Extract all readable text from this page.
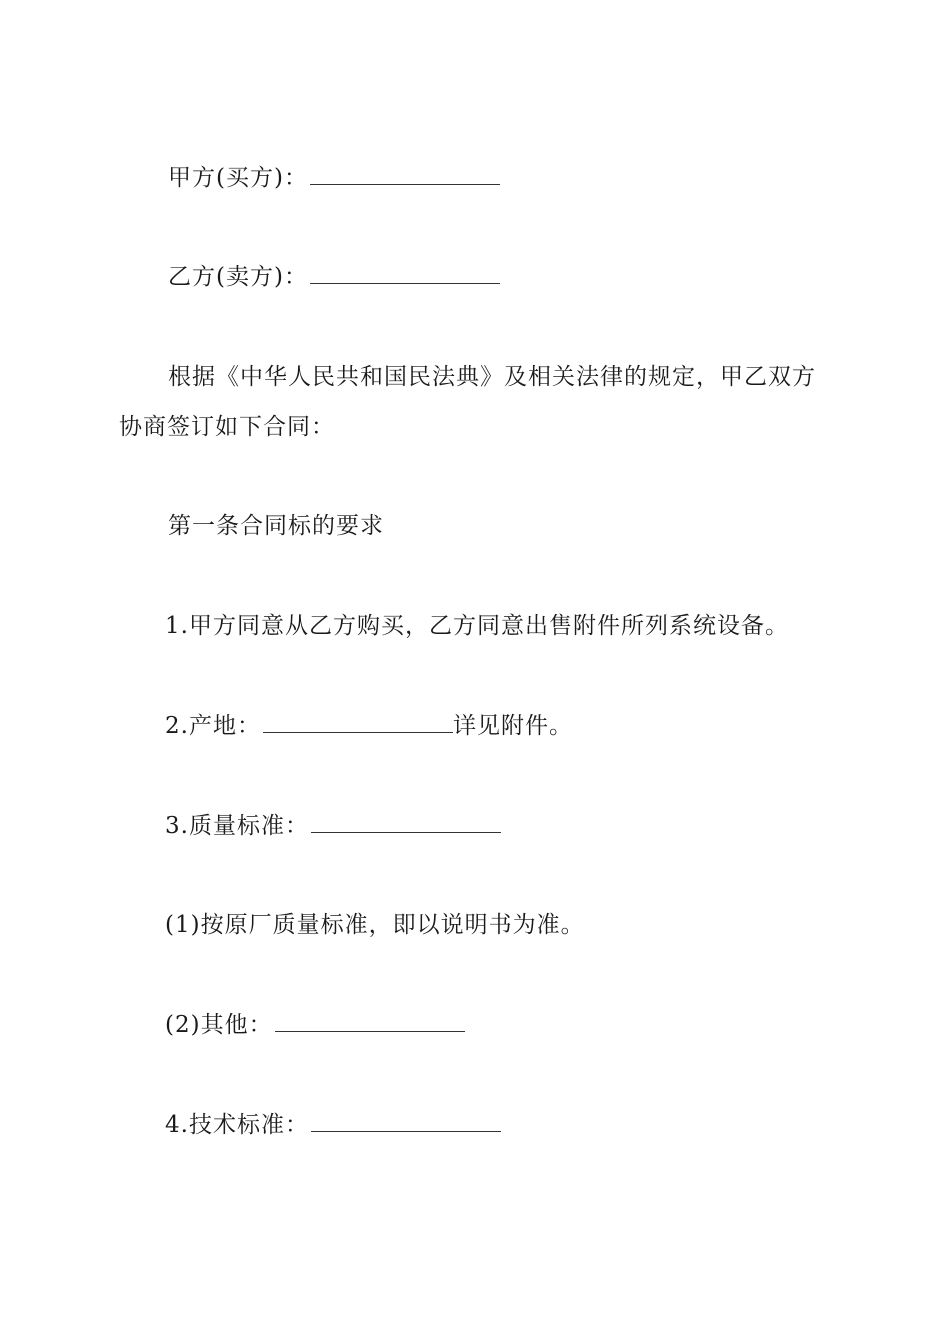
甲方(买方)：
乙方(卖方)：
根据《中华人民共和国民法典》及相关法律的规定，甲乙双方
协商签订如下合同：
第一条合同标的要求
1.甲方同意从乙方购买，乙方同意出售附件所列系统设备。
2.产地：	详见附件。
3.质量标准：
(1)按原厂质量标准，即以说明书为准。
(2)其他：
4.技术标准：
